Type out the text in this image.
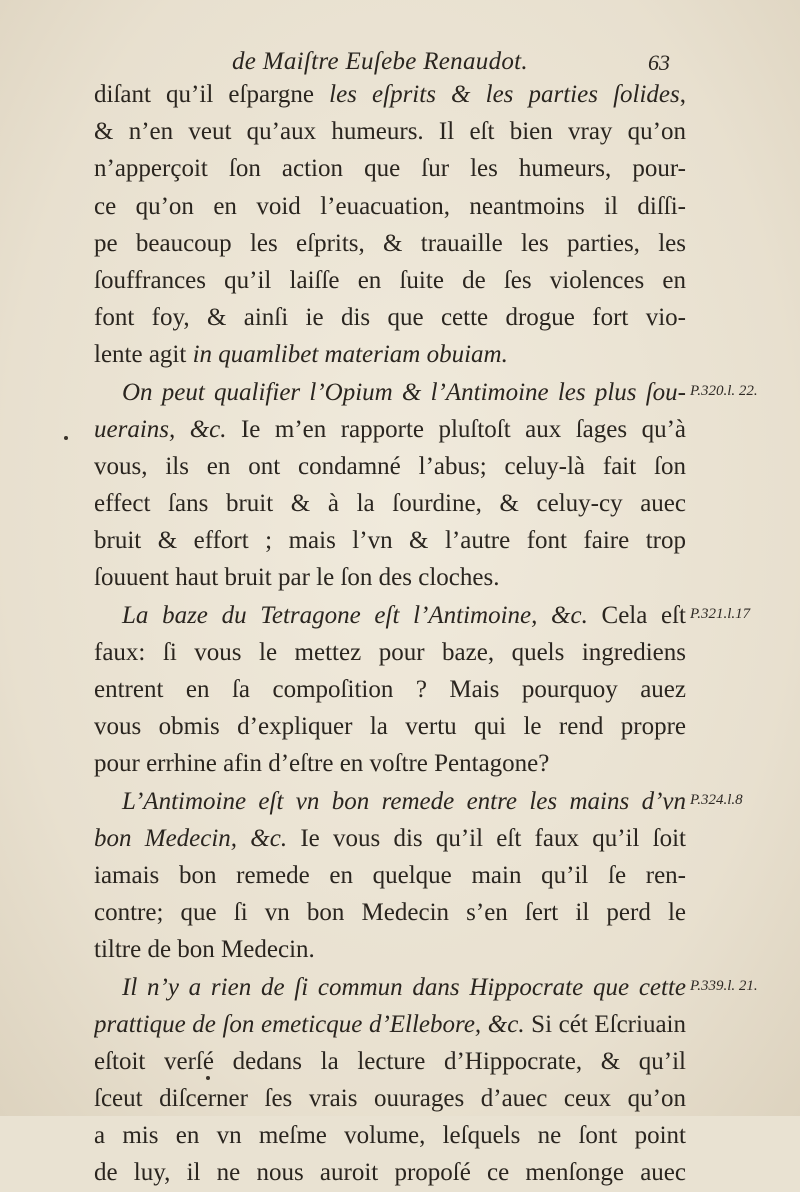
de Maiſtre Euſebe Renaudot.	63
diſant qu’il eſpargne les eſprits & les parties ſolides,
& n’en veut qu’aux humeurs. Il eſt bien vray qu’on
n’apperçoit ſon action que ſur les humeurs, pour-
ce qu’on en void l’euacuation, neantmoins il diſſi-
pe beaucoup les eſprits, & trauaille les parties, les
ſouffrances qu’il laiſſe en ſuite de ſes violences en
font foy, & ainſi ie dis que cette drogue fort vio-
lente agit in quamlibet materiam obuiam.
On peut qualifier l’Opium & l’Antimoine les plus ſou-
uerains, &c. Ie m’en rapporte pluſtoſt aux ſages qu’à
vous, ils en ont condamné l’abus; celuy-là fait ſon
effect ſans bruit & à la ſourdine, & celuy-cy auec
bruit & effort ; mais l’vn & l’autre font faire trop
ſouuent haut bruit par le ſon des cloches.
La baze du Tetragone eſt l’Antimoine, &c. Cela eſt
faux: ſi vous le mettez pour baze, quels ingrediens
entrent en ſa compoſition ? Mais pourquoy auez
vous obmis d’expliquer la vertu qui le rend propre
pour errhine afin d’eſtre en voſtre Pentagone?
L’Antimoine eſt vn bon remede entre les mains d’vn
bon Medecin, &c. Ie vous dis qu’il eſt faux qu’il ſoit
iamais bon remede en quelque main qu’il ſe ren-
contre; que ſi vn bon Medecin s’en ſert il perd le
tiltre de bon Medecin.
Il n’y a rien de ſi commun dans Hippocrate que cette
prattique de ſon emeticque d’Ellebore, &c. Si cét Eſcriuain
eſtoit verſé dedans la lecture d’Hippocrate, & qu’il
ſceut diſcerner ſes vrais ouurages d’auec ceux qu’on
a mis en vn meſme volume, leſquels ne ſont point
de luy, il ne nous auroit propoſé ce menſonge auec
P.320.l. 22.
P.321.l.17
P.324.l.8
P.339.l. 21.
